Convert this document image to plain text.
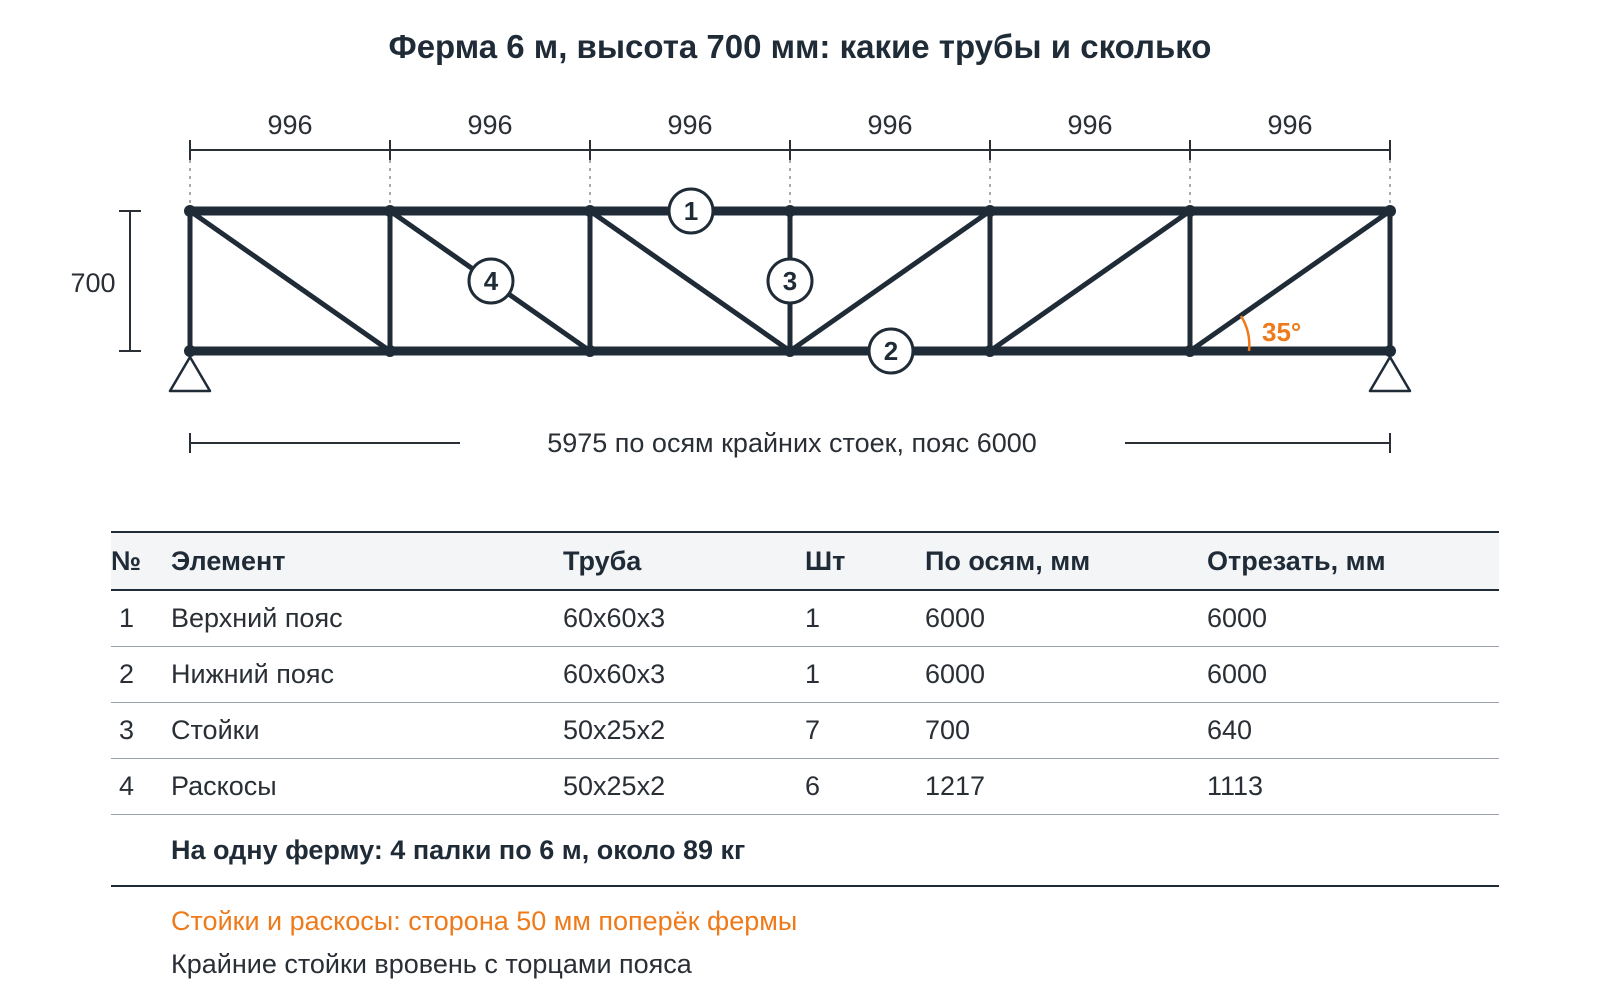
Ферма 6 м, высота 700 мм: какие трубы и сколько
996	996	996	996	996	996
700
35°
1
2
3
4
5975 по осям крайних стоек, пояс 6000
№	Элемент	Труба	Шт	По осям, мм	Отрезать, мм
1	Верхний пояс	60х60х3	1	6000	6000
2	Нижний пояс	60х60х3	1	6000	6000
3	Стойки	50х25х2	7	700	640
4	Раскосы	50х25х2	6	1217	1113
	На одну ферму: 4 палки по 6 м, около 89 кг				

Стойки и раскосы: сторона 50 мм поперёк фермы

Крайние стойки вровень с торцами пояса
